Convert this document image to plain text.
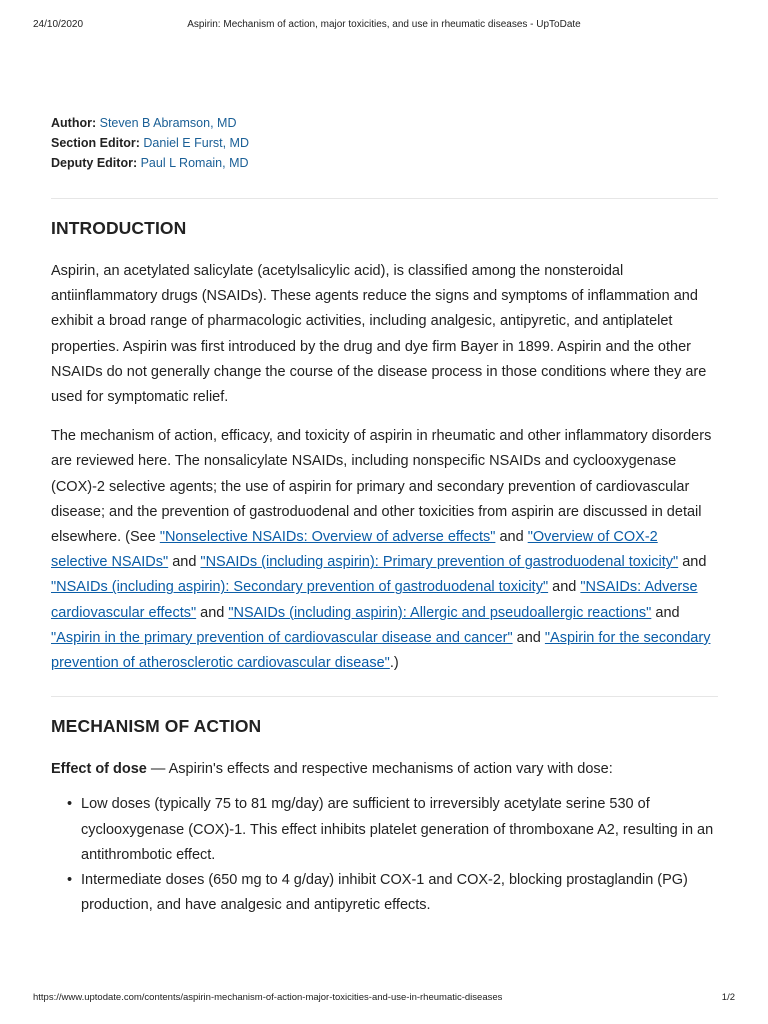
24/10/2020	Aspirin: Mechanism of action, major toxicities, and use in rheumatic diseases - UpToDate
Author: Steven B Abramson, MD
Section Editor: Daniel E Furst, MD
Deputy Editor: Paul L Romain, MD
INTRODUCTION

Aspirin, an acetylated salicylate (acetylsalicylic acid), is classified among the nonsteroidal antiinflammatory drugs (NSAIDs). These agents reduce the signs and symptoms of inflammation and exhibit a broad range of pharmacologic activities, including analgesic, antipyretic, and antiplatelet properties. Aspirin was first introduced by the drug and dye firm Bayer in 1899. Aspirin and the other NSAIDs do not generally change the course of the disease process in those conditions where they are used for symptomatic relief.

The mechanism of action, efficacy, and toxicity of aspirin in rheumatic and other inflammatory disorders are reviewed here. The nonsalicylate NSAIDs, including nonspecific NSAIDs and cyclooxygenase (COX)-2 selective agents; the use of aspirin for primary and secondary prevention of cardiovascular disease; and the prevention of gastroduodenal and other toxicities from aspirin are discussed in detail elsewhere. (See "Nonselective NSAIDs: Overview of adverse effects" and "Overview of COX-2 selective NSAIDs" and "NSAIDs (including aspirin): Primary prevention of gastroduodenal toxicity" and "NSAIDs (including aspirin): Secondary prevention of gastroduodenal toxicity" and "NSAIDs: Adverse cardiovascular effects" and "NSAIDs (including aspirin): Allergic and pseudoallergic reactions" and "Aspirin in the primary prevention of cardiovascular disease and cancer" and "Aspirin for the secondary prevention of atherosclerotic cardiovascular disease".)

MECHANISM OF ACTION

Effect of dose — Aspirin's effects and respective mechanisms of action vary with dose:

• Low doses (typically 75 to 81 mg/day) are sufficient to irreversibly acetylate serine 530 of cyclooxygenase (COX)-1. This effect inhibits platelet generation of thromboxane A2, resulting in an antithrombotic effect.
• Intermediate doses (650 mg to 4 g/day) inhibit COX-1 and COX-2, blocking prostaglandin (PG) production, and have analgesic and antipyretic effects.
https://www.uptodate.com/contents/aspirin-mechanism-of-action-major-toxicities-and-use-in-rheumatic-diseases	1/2
